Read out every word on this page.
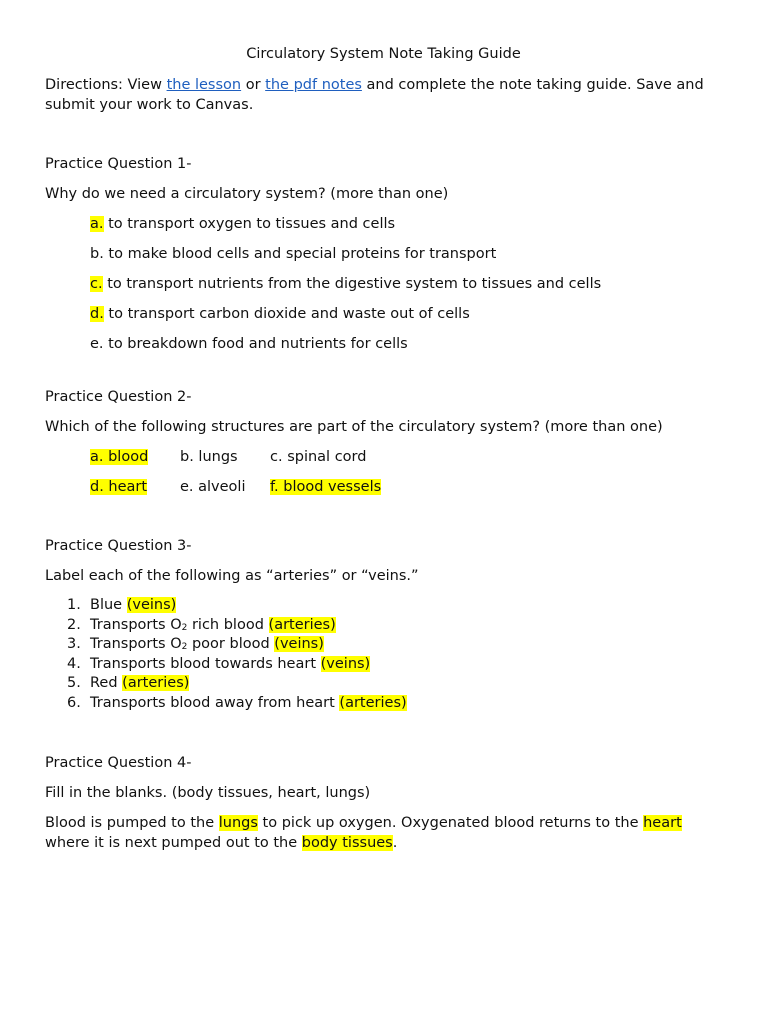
Circulatory System Note Taking Guide

Directions: View the lesson or the pdf notes and complete the note taking guide. Save and submit your work to Canvas.

Practice Question 1-

Why do we need a circulatory system? (more than one)

a. to transport oxygen to tissues and cells

b. to make blood cells and special proteins for transport

c. to transport nutrients from the digestive system to tissues and cells

d. to transport carbon dioxide and waste out of cells

e. to breakdown food and nutrients for cells

Practice Question 2-

Which of the following structures are part of the circulatory system? (more than one)

a. blood	b. lungs	c. spinal cord
d. heart	e. alveoli	f. blood vessels

Practice Question 3-

Label each of the following as “arteries” or “veins.”

1. Blue (veins)
2. Transports $O_2$ rich blood (arteries)
3. Transports $O_2$ poor blood (veins)
4. Transports blood towards heart (veins)
5. Red (arteries)
6. Transports blood away from heart (arteries)

Practice Question 4-

Fill in the blanks. (body tissues, heart, lungs)

Blood is pumped to the lungs to pick up oxygen. Oxygenated blood returns to the heart where it is next pumped out to the body tissues.
